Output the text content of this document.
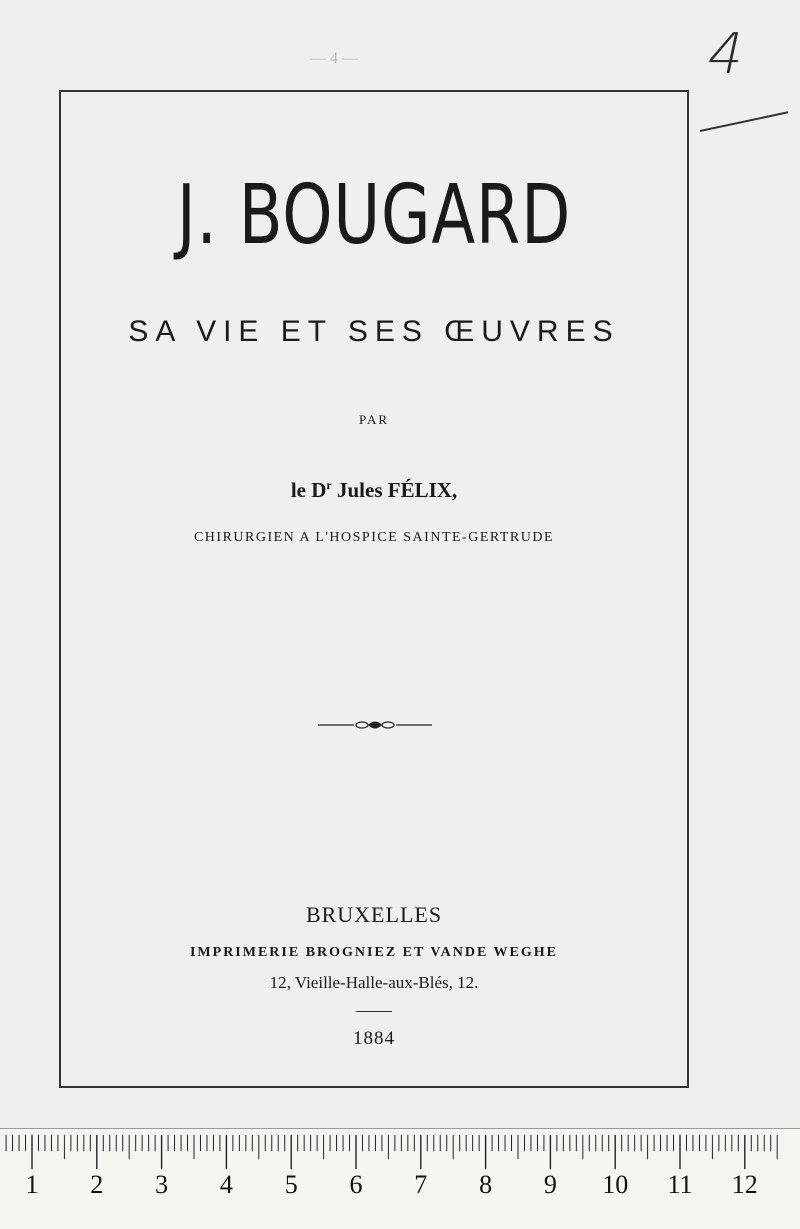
— 4 —	4
J. BOUGARD
SA VIE ET SES ŒUVRES
PAR
le $D^r$ Jules FÉLIX,
CHIRURGIEN A L'HOSPICE SAINTE-GERTRUDE
BRUXELLES
IMPRIMERIE BROGNIEZ ET VANDE WEGHE
12, Vieille-Halle-aux-Blés, 12.
1884
1 2 3 4 5 6 7 8 9 10 11 12
